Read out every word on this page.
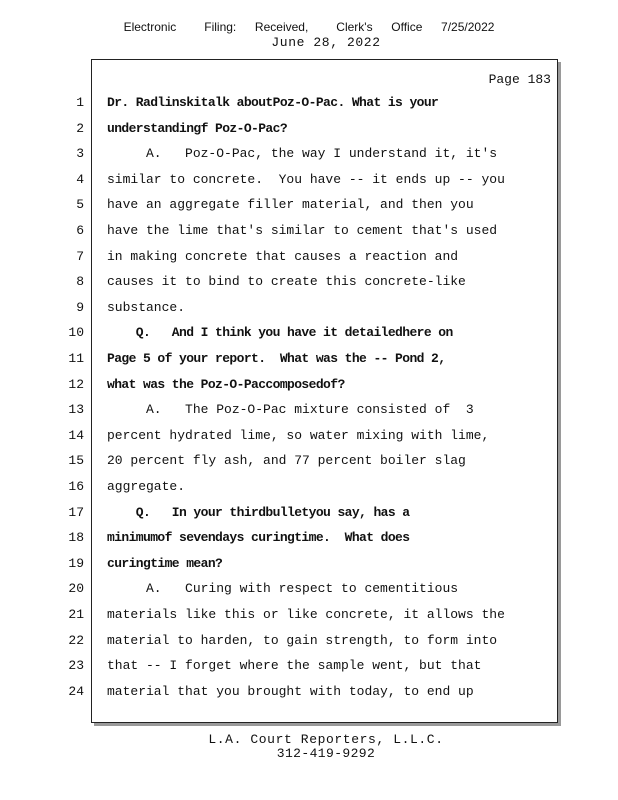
Electronic   Filing:  Received,   Clerk's  Office  7/25/2022
June 28, 2022
Page 183
1 Dr. Radlinskitalk aboutPoz-O-Pac. What is your
2 understandingf Poz-O-Pac?
3 A.   Poz-O-Pac, the way I understand it, it's
4 similar to concrete.  You have -- it ends up -- you
5 have an aggregate filler material, and then you
6 have the lime that's similar to cement that's used
7 in making concrete that causes a reaction and
8 causes it to bind to create this concrete-like
9 substance.
10 Q.   And I think you have it detailedhere on
11 Page 5 of your report.  What was the -- Pond 2,
12 what was the Poz-O-Paccomposedof?
13 A.   The Poz-O-Pac mixture consisted of  3
14 percent hydrated lime, so water mixing with lime,
15 20 percent fly ash, and 77 percent boiler slag
16 aggregate.
17 Q.   In your thirdbulletyou say, has a
18 minimumof sevendays curingtime.  What does
19 curingtime mean?
20 A.   Curing with respect to cementitious
21 materials like this or like concrete, it allows the
22 material to harden, to gain strength, to form into
23 that -- I forget where the sample went, but that
24 material that you brought with today, to end up
L.A. Court Reporters, L.L.C.
312-419-9292
